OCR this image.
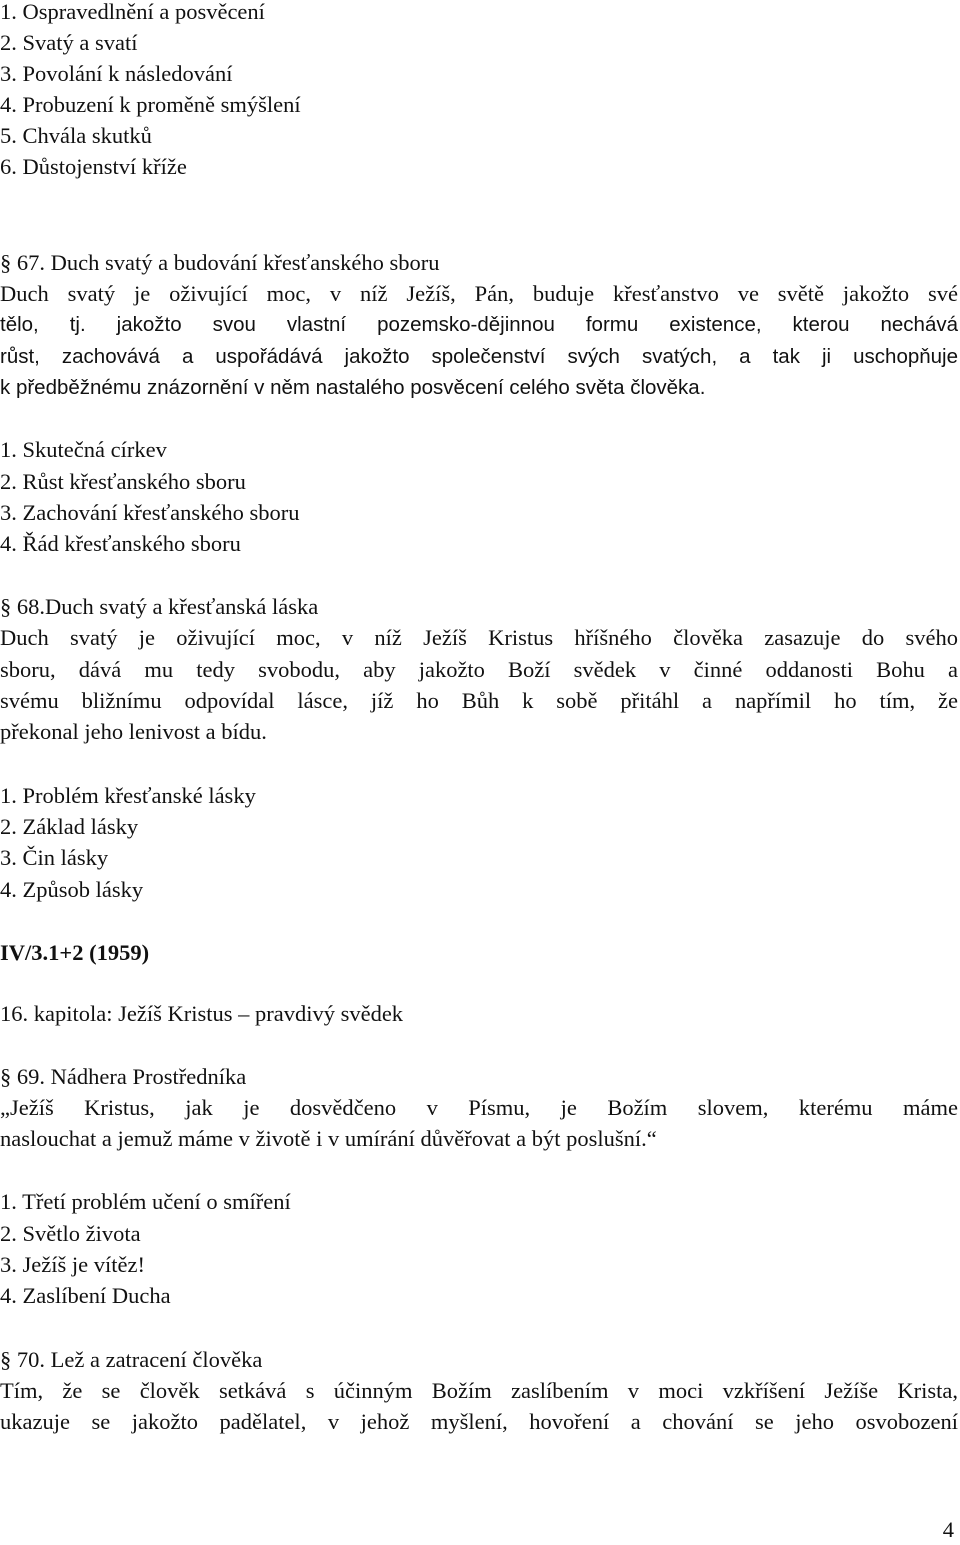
1. Ospravedlnění a posvěcení
2. Svatý a svatí
3. Povolání k následování
4. Probuzení k proměně smýšlení
5. Chvála skutků
6. Důstojenství kříže
§ 67. Duch svatý a budování křesťanského sboru
Duch svatý je oživující moc, v níž Ježíš, Pán, buduje křesťanstvo ve světě jakožto své
tělo, tj. jakožto svou vlastní pozemsko-dějinnou formu existence, kterou nechává
růst, zachovává a uspořádává jakožto společenství svých svatých, a tak ji uschopňuje
k předběžnému znázornění v něm nastalého posvěcení celého světa člověka.
1. Skutečná církev
2. Růst křesťanského sboru
3. Zachování křesťanského sboru
4. Řád křesťanského sboru
§ 68.Duch svatý a křesťanská láska
Duch svatý je oživující moc, v níž Ježíš Kristus hříšného člověka zasazuje do svého
sboru, dává mu tedy svobodu, aby jakožto Boží svědek v činné oddanosti Bohu a
svému bližnímu odpovídal lásce, jíž ho Bůh k sobě přitáhl a napřímil ho tím, že
překonal jeho lenivost a bídu.
1. Problém křesťanské lásky
2. Základ lásky
3. Čin lásky
4. Způsob lásky
IV/3.1+2 (1959)
16. kapitola: Ježíš Kristus – pravdivý svědek
§ 69. Nádhera Prostředníka
„Ježíš Kristus, jak je dosvědčeno v Písmu, je Božím slovem, kterému máme
naslouchat a jemuž máme v životě i v umírání důvěřovat a být poslušní.“
1. Třetí problém učení o smíření
2. Světlo života
3. Ježíš je vítěz!
4. Zaslíbení Ducha
§ 70. Lež a zatracení člověka
Tím, že se člověk setkává s účinným Božím zaslíbením v moci vzkříšení Ježíše Krista,
ukazuje se jakožto padělatel, v jehož myšlení, hovoření a chování se jeho osvobození
4
